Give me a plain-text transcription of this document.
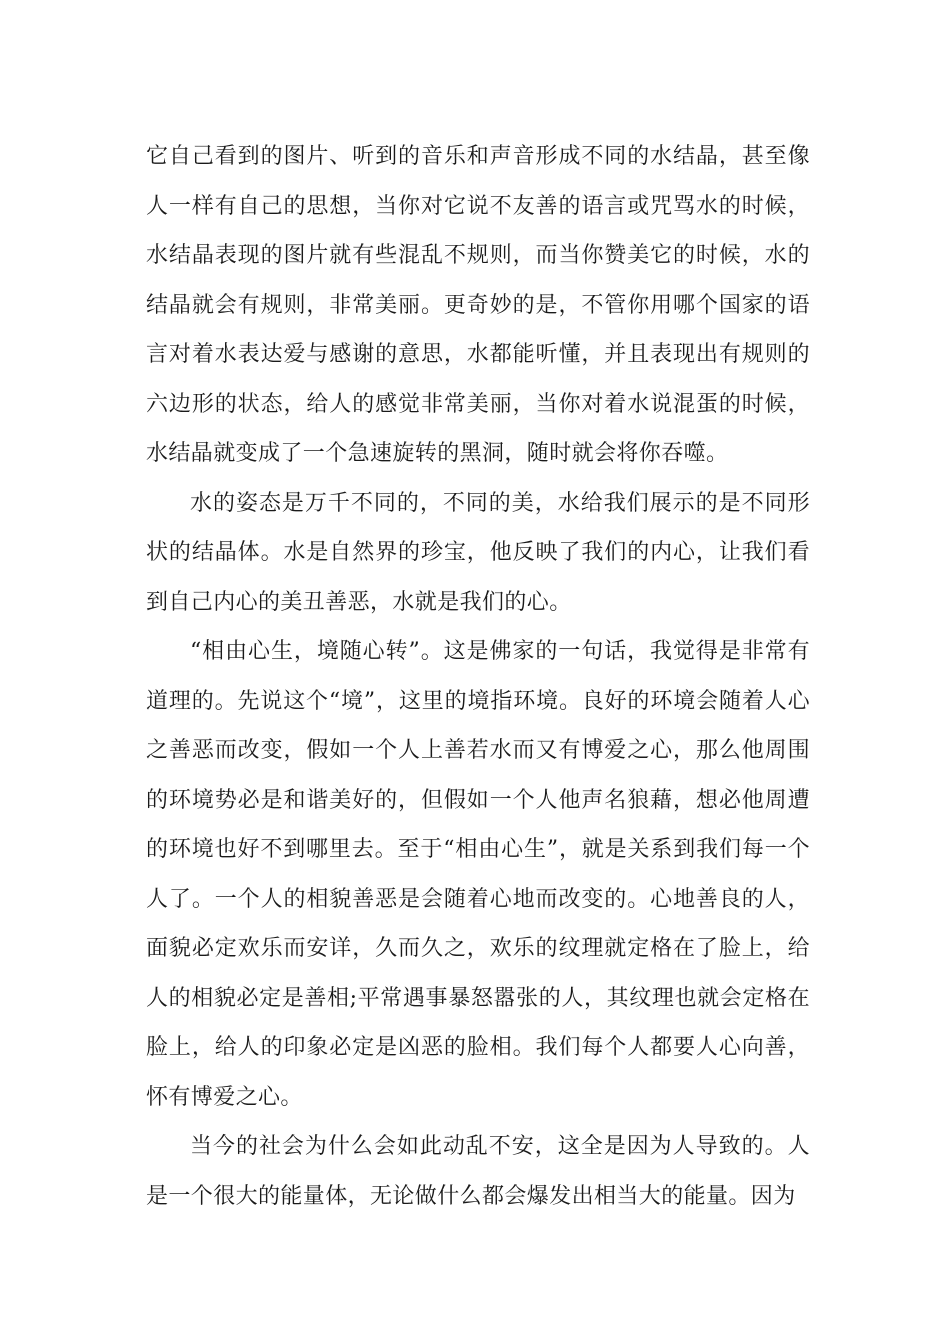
它自己看到的图片、听到的音乐和声音形成不同的水结晶，甚至像人一样有自己的思想，当你对它说不友善的语言或咒骂水的时候，水结晶表现的图片就有些混乱不规则，而当你赞美它的时候，水的结晶就会有规则，非常美丽。更奇妙的是，不管你用哪个国家的语言对着水表达爱与感谢的意思，水都能听懂，并且表现出有规则的六边形的状态，给人的感觉非常美丽，当你对着水说混蛋的时候，水结晶就变成了一个急速旋转的黑洞，随时就会将你吞噬。

水的姿态是万千不同的，不同的美，水给我们展示的是不同形状的结晶体。水是自然界的珍宝，他反映了我们的内心，让我们看到自己内心的美丑善恶，水就是我们的心。

“相由心生，境随心转”。这是佛家的一句话，我觉得是非常有道理的。先说这个“境”，这里的境指环境。良好的环境会随着人心之善恶而改变，假如一个人上善若水而又有博爱之心，那么他周围的环境势必是和谐美好的，但假如一个人他声名狼藉，想必他周遭的环境也好不到哪里去。至于“相由心生”，就是关系到我们每一个人了。一个人的相貌善恶是会随着心地而改变的。心地善良的人，面貌必定欢乐而安详，久而久之，欢乐的纹理就定格在了脸上，给人的相貌必定是善相;平常遇事暴怒嚣张的人，其纹理也就会定格在脸上，给人的印象必定是凶恶的脸相。我们每个人都要人心向善，怀有博爱之心。

当今的社会为什么会如此动乱不安，这全是因为人导致的。人是一个很大的能量体，无论做什么都会爆发出相当大的能量。因为
